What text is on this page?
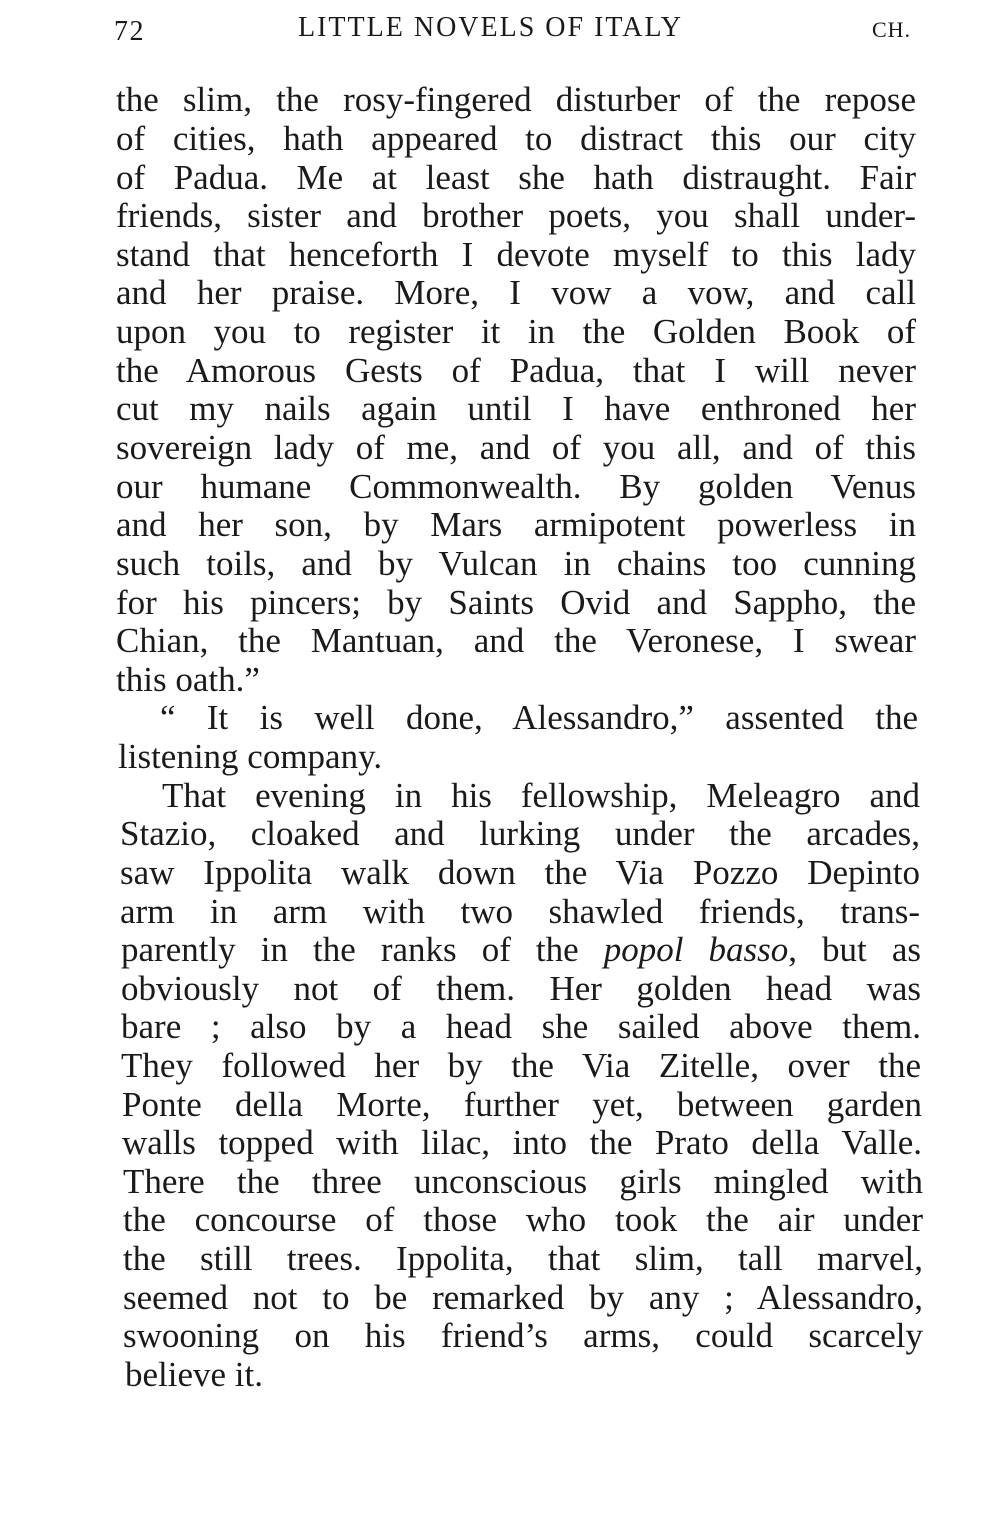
72	LITTLE NOVELS OF ITALY	CH.
the slim, the rosy-fingered disturber of the repose
of cities, hath appeared to distract this our city
of Padua. Me at least she hath distraught. Fair
friends, sister and brother poets, you shall under-
stand that henceforth I devote myself to this lady
and her praise. More, I vow a vow, and call
upon you to register it in the Golden Book of
the Amorous Gests of Padua, that I will never
cut my nails again until I have enthroned her
sovereign lady of me, and of you all, and of this
our humane Commonwealth. By golden Venus
and her son, by Mars armipotent powerless in
such toils, and by Vulcan in chains too cunning
for his pincers; by Saints Ovid and Sappho, the
Chian, the Mantuan, and the Veronese, I swear
this oath.”
“ It is well done, Alessandro,” assented the
listening company.
That evening in his fellowship, Meleagro and
Stazio, cloaked and lurking under the arcades,
saw Ippolita walk down the Via Pozzo Depinto
arm in arm with two shawled friends, trans-
parently in the ranks of the popol basso, but as
obviously not of them. Her golden head was
bare ; also by a head she sailed above them.
They followed her by the Via Zitelle, over the
Ponte della Morte, further yet, between garden
walls topped with lilac, into the Prato della Valle.
There the three unconscious girls mingled with
the concourse of those who took the air under
the still trees. Ippolita, that slim, tall marvel,
seemed not to be remarked by any ; Alessandro,
swooning on his friend’s arms, could scarcely
believe it.
